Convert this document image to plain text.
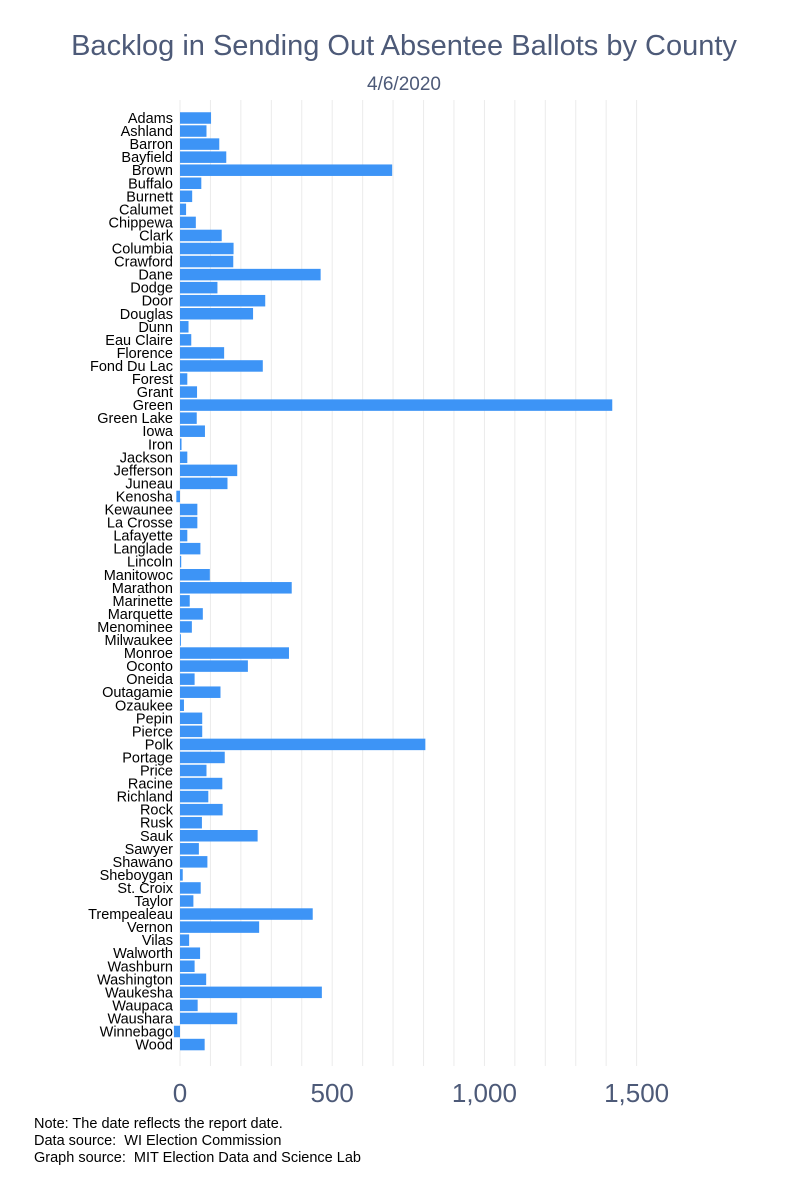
Backlog in Sending Out Absentee Ballots by County
4/6/2020
Adams
Ashland
Barron
Bayfield
Brown
Buffalo
Burnett
Calumet
Chippewa
Clark
Columbia
Crawford
Dane
Dodge
Door
Douglas
Dunn
Eau Claire
Florence
Fond Du Lac
Forest
Grant
Green
Green Lake
Iowa
Iron
Jackson
Jefferson
Juneau
Kenosha
Kewaunee
La Crosse
Lafayette
Langlade
Lincoln
Manitowoc
Marathon
Marinette
Marquette
Menominee
Milwaukee
Monroe
Oconto
Oneida
Outagamie
Ozaukee
Pepin
Pierce
Polk
Portage
Price
Racine
Richland
Rock
Rusk
Sauk
Sawyer
Shawano
Sheboygan
St. Croix
Taylor
Trempealeau
Vernon
Vilas
Walworth
Washburn
Washington
Waukesha
Waupaca
Waushara
Winnebago
Wood
0	500	1,000	1,500
Note: The date reflects the report date.
Data source:  WI Election Commission
Graph source:  MIT Election Data and Science Lab
